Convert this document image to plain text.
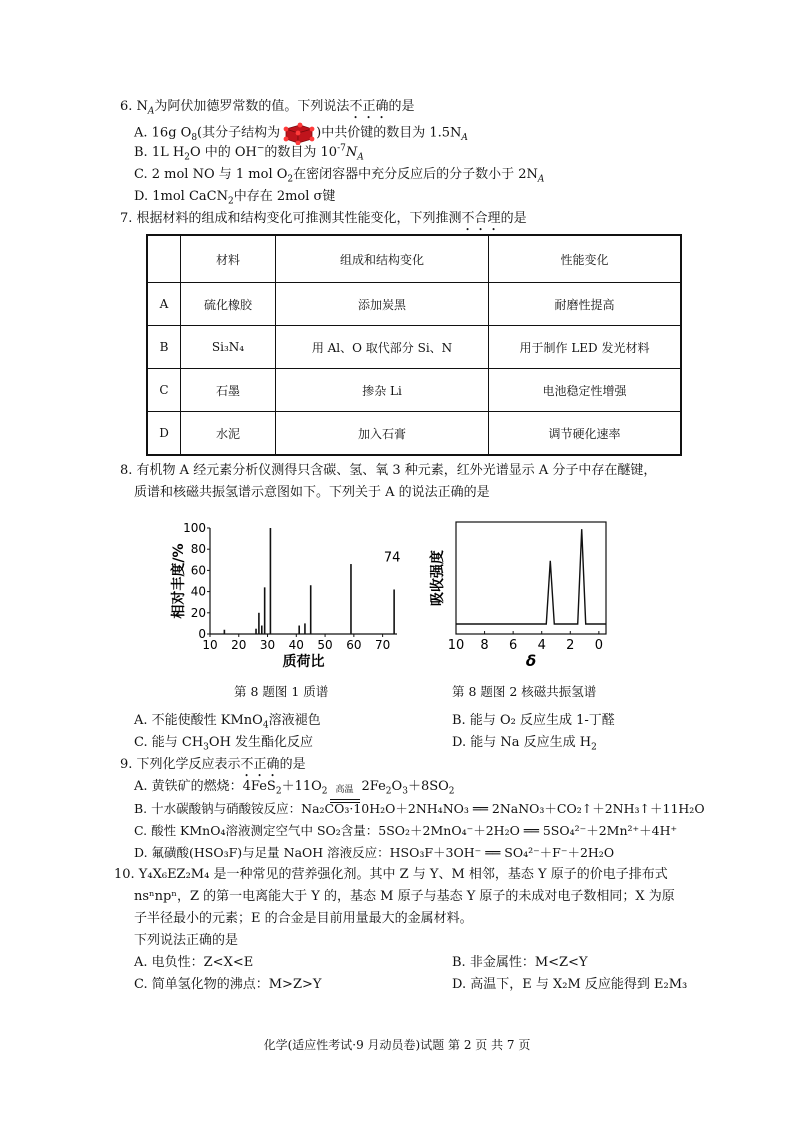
6. $N_A$为阿伏加德罗常数的值。下列说法不正确的是
A. 16g $O_8$(其分子结构为	)中共价键的数目为 $1.5N_A$
B. 1L $H_2O$ 中的 OH−的数目为 $10^{-7}N_A$
C. 2 mol NO 与 1 mol $O_2$在密闭容器中充分反应后的分子数小于 $2N_A$
D. 1mol CaCN$_2$中存在 2mol σ键
7. 根据材料的组成和结构变化可推测其性能变化，下列推测不合理的是
	材料	组成和结构变化	性能变化
A	硫化橡胶	添加炭黑	耐磨性提高
B	Si₃N₄	用 Al、O 取代部分 Si、N	用于制作 LED 发光材料
C	石墨	掺杂 Li	电池稳定性增强
D	水泥	加入石膏	调节硬化速率
8. 有机物 A 经元素分析仪测得只含碳、氢、氧 3 种元素，红外光谱显示 A 分子中存在醚键，
质谱和核磁共振氢谱示意图如下。下列关于 A 的说法正确的是
0
20
40
60
80
100
10 20 30 40 50 60 70
74
质荷比
相对丰度/%
10 8 6 4 2 0
δ
吸收强度
第 8 题图 1 质谱	第 8 题图 2 核磁共振氢谱
A. 不能使酸性 KMnO$_4$溶液褪色	B. 能与 O₂ 反应生成 1-丁醛
C. 能与 $CH_3OH$ 发生酯化反应	D. 能与 Na 反应生成 $H_2$
9. 下列化学反应表示不正确的是
A. 黄铁矿的燃烧：$4FeS_2+11O_2$ 高温 $2Fe_2O_3+8SO_2$
B. 十水碳酸钠与硝酸铵反应：Na₂CO₃·10H₂O＋2NH₄NO₃ ══ 2NaNO₃＋CO₂↑＋2NH₃↑＋11H₂O
C. 酸性 KMnO₄溶液测定空气中 SO₂含量：5SO₂＋2MnO₄⁻＋2H₂O ══ 5SO₄²⁻＋2Mn²⁺＋4H⁺
D. 氟磺酸(HSO₃F)与足量 NaOH 溶液反应：HSO₃F＋3OH⁻ ══ SO₄²⁻＋F⁻＋2H₂O
10. Y₄X₆EZ₂M₄ 是一种常见的营养强化剂。其中 Z 与 Y、M 相邻，基态 Y 原子的价电子排布式
nsⁿnpⁿ，Z 的第一电离能大于 Y 的，基态 M 原子与基态 Y 原子的未成对电子数相同；X 为原
子半径最小的元素；E 的合金是目前用量最大的金属材料。
下列说法正确的是
A. 电负性：Z<X<E	B. 非金属性：M<Z<Y
C. 简单氢化物的沸点：M>Z>Y	D. 高温下，E 与 X₂M 反应能得到 E₂M₃
化学(适应性考试·9 月动员卷)试题 第 2 页 共 7 页
